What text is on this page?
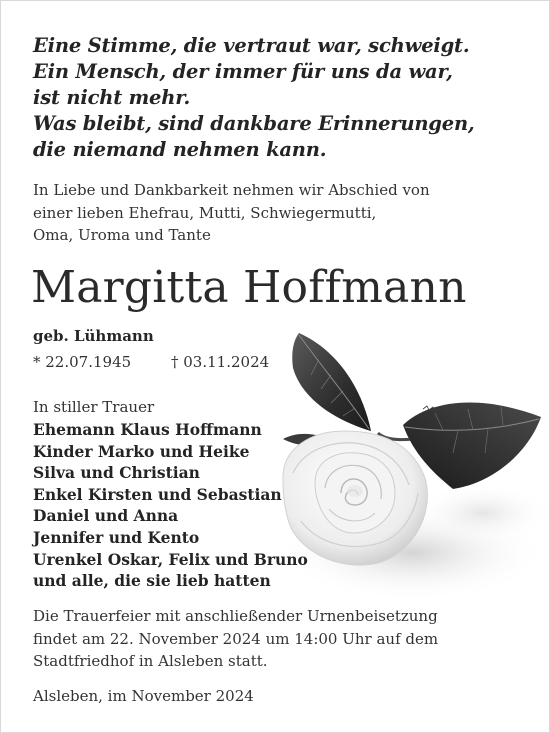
Eine Stimme, die vertraut war, schweigt.
Ein Mensch, der immer für uns da war,
ist nicht mehr.
Was bleibt, sind dankbare Erinnerungen,
die niemand nehmen kann.
In Liebe und Dankbarkeit nehmen wir Abschied von
einer lieben Ehefrau, Mutti, Schwiegermutti,
Oma, Uroma und Tante
Margitta Hoffmann
geb. Lühmann
* 22.07.1945	† 03.11.2024
In stiller Trauer
Ehemann Klaus Hoffmann
Kinder Marko und Heike
Silva und Christian
Enkel Kirsten und Sebastian
Daniel und Anna
Jennifer und Kento
Urenkel Oskar, Felix und Bruno
und alle, die sie lieb hatten
Die Trauerfeier mit anschließender Urnenbeisetzung
findet am 22. November 2024 um 14:00 Uhr auf dem
Stadtfriedhof in Alsleben statt.
Alsleben, im November 2024
